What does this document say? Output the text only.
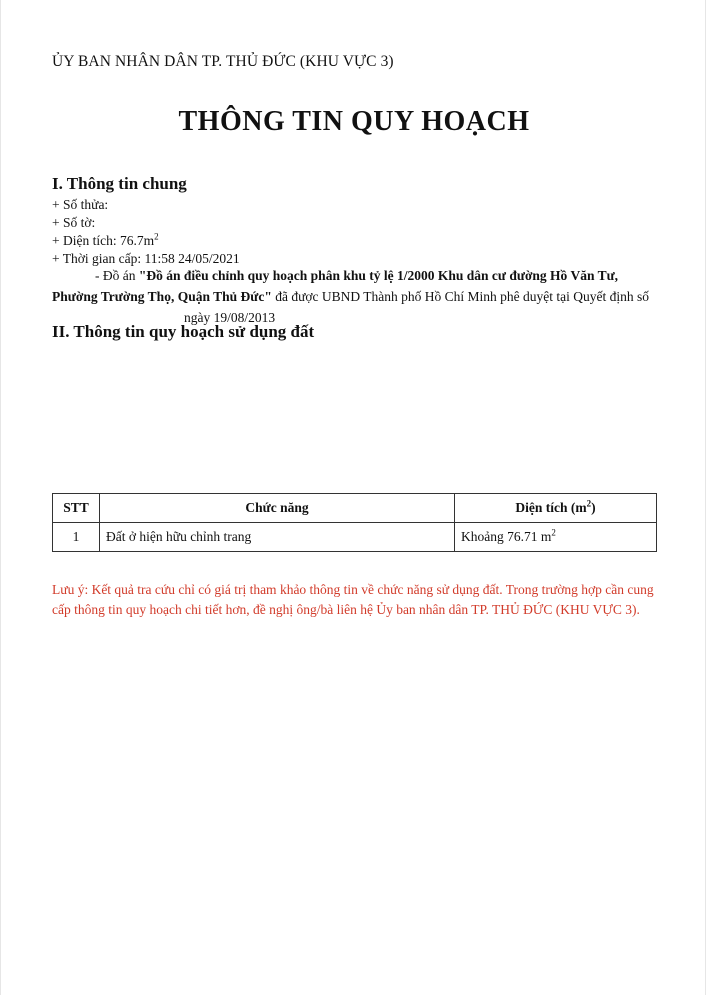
ỦY BAN NHÂN DÂN TP. THỦ ĐỨC (KHU VỰC 3)
THÔNG TIN QUY HOẠCH
I. Thông tin chung
+ Số thửa:
+ Số tờ:
+ Diện tích: $76.7m^2$
+ Thời gian cấp: 11:58 24/05/2021
- Đồ án "Đồ án điều chỉnh quy hoạch phân khu tỷ lệ 1/2000 Khu dân cư đường Hồ Văn Tư, Phường Trường Thọ, Quận Thủ Đức" đã được UBND Thành phố Hồ Chí Minh phê duyệt tại Quyết định số ngày 19/08/2013
II. Thông tin quy hoạch sử dụng đất
STT	Chức năng	Diện tích $(m^2)$
1	Đất ở hiện hữu chỉnh trang	Khoảng 76.71 $m^2$
Lưu ý: Kết quả tra cứu chỉ có giá trị tham khảo thông tin về chức năng sử dụng đất. Trong trường hợp cần cung cấp thông tin quy hoạch chi tiết hơn, đề nghị ông/bà liên hệ Ủy ban nhân dân TP. THỦ ĐỨC (KHU VỰC 3).
